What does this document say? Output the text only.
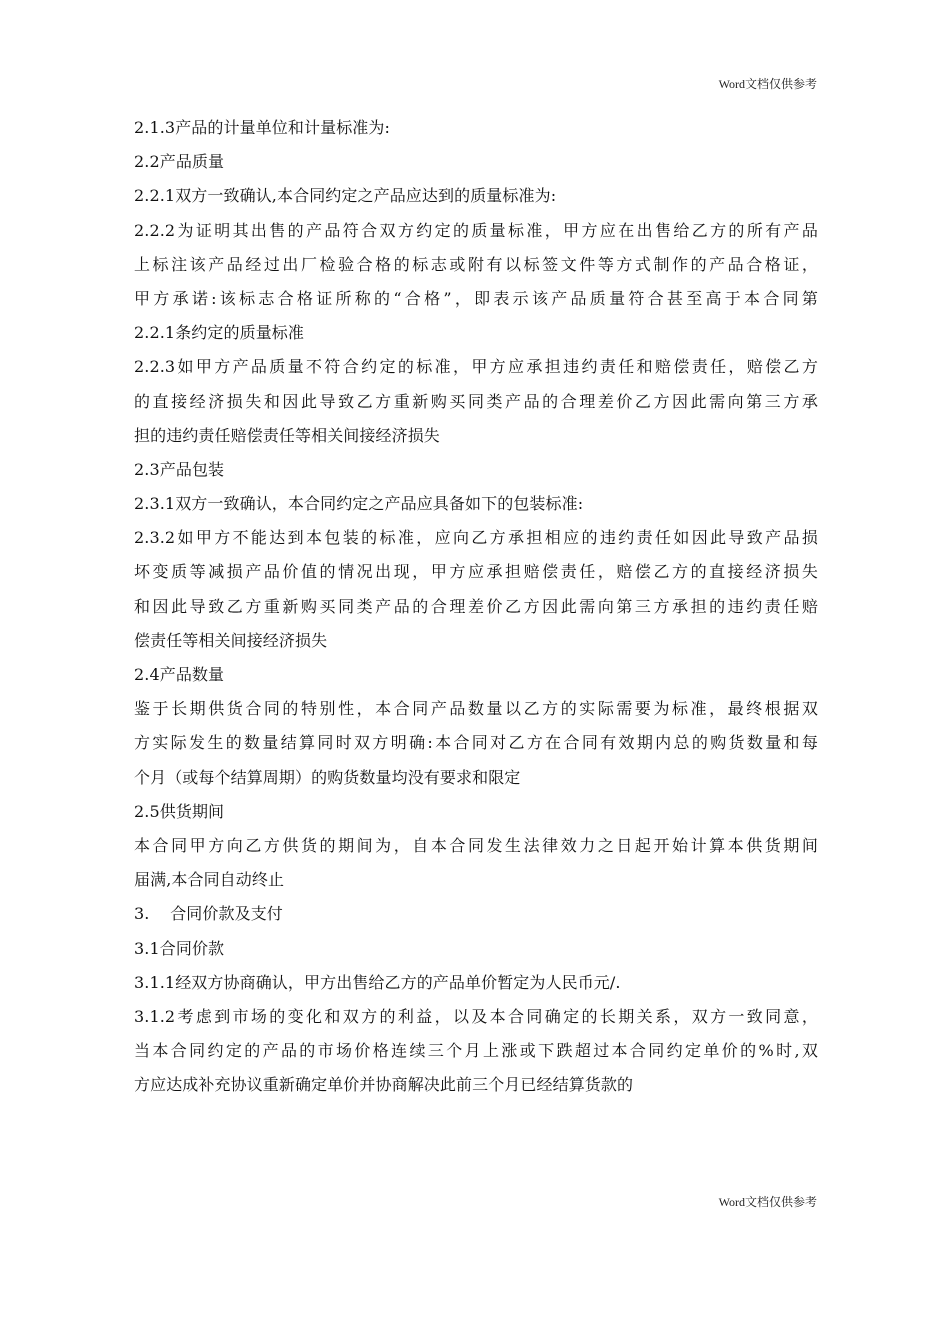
Word文档仅供参考
2.1.3产品的计量单位和计量标准为:
2.2产品质量
2.2.1双方一致确认,本合同约定之产品应达到的质量标准为:
2.2.2为证明其出售的产品符合双方约定的质量标准，甲方应在出售给乙方的所有产品
上标注该产品经过出厂检验合格的标志或附有以标签文件等方式制作的产品合格证，
甲方承诺:该标志合格证所称的“合格”，即表示该产品质量符合甚至高于本合同第
2.2.1条约定的质量标准
2.2.3如甲方产品质量不符合约定的标准，甲方应承担违约责任和赔偿责任，赔偿乙方
的直接经济损失和因此导致乙方重新购买同类产品的合理差价乙方因此需向第三方承
担的违约责任赔偿责任等相关间接经济损失
2.3产品包装
2.3.1双方一致确认，本合同约定之产品应具备如下的包装标准:
2.3.2如甲方不能达到本包装的标准，应向乙方承担相应的违约责任如因此导致产品损
坏变质等减损产品价值的情况出现，甲方应承担赔偿责任，赔偿乙方的直接经济损失
和因此导致乙方重新购买同类产品的合理差价乙方因此需向第三方承担的违约责任赔
偿责任等相关间接经济损失
2.4产品数量
鉴于长期供货合同的特别性，本合同产品数量以乙方的实际需要为标准，最终根据双
方实际发生的数量结算同时双方明确:本合同对乙方在合同有效期内总的购货数量和每
个月（或每个结算周期）的购货数量均没有要求和限定
2.5供货期间
本合同甲方向乙方供货的期间为，自本合同发生法律效力之日起开始计算本供货期间
届满,本合同自动终止
3.    合同价款及支付
3.1合同价款
3.1.1经双方协商确认，甲方出售给乙方的产品单价暂定为人民币元/.
3.1.2考虑到市场的变化和双方的利益，以及本合同确定的长期关系，双方一致同意，
当本合同约定的产品的市场价格连续三个月上涨或下跌超过本合同约定单价的%时,双
方应达成补充协议重新确定单价并协商解决此前三个月已经结算货款的
Word文档仅供参考
